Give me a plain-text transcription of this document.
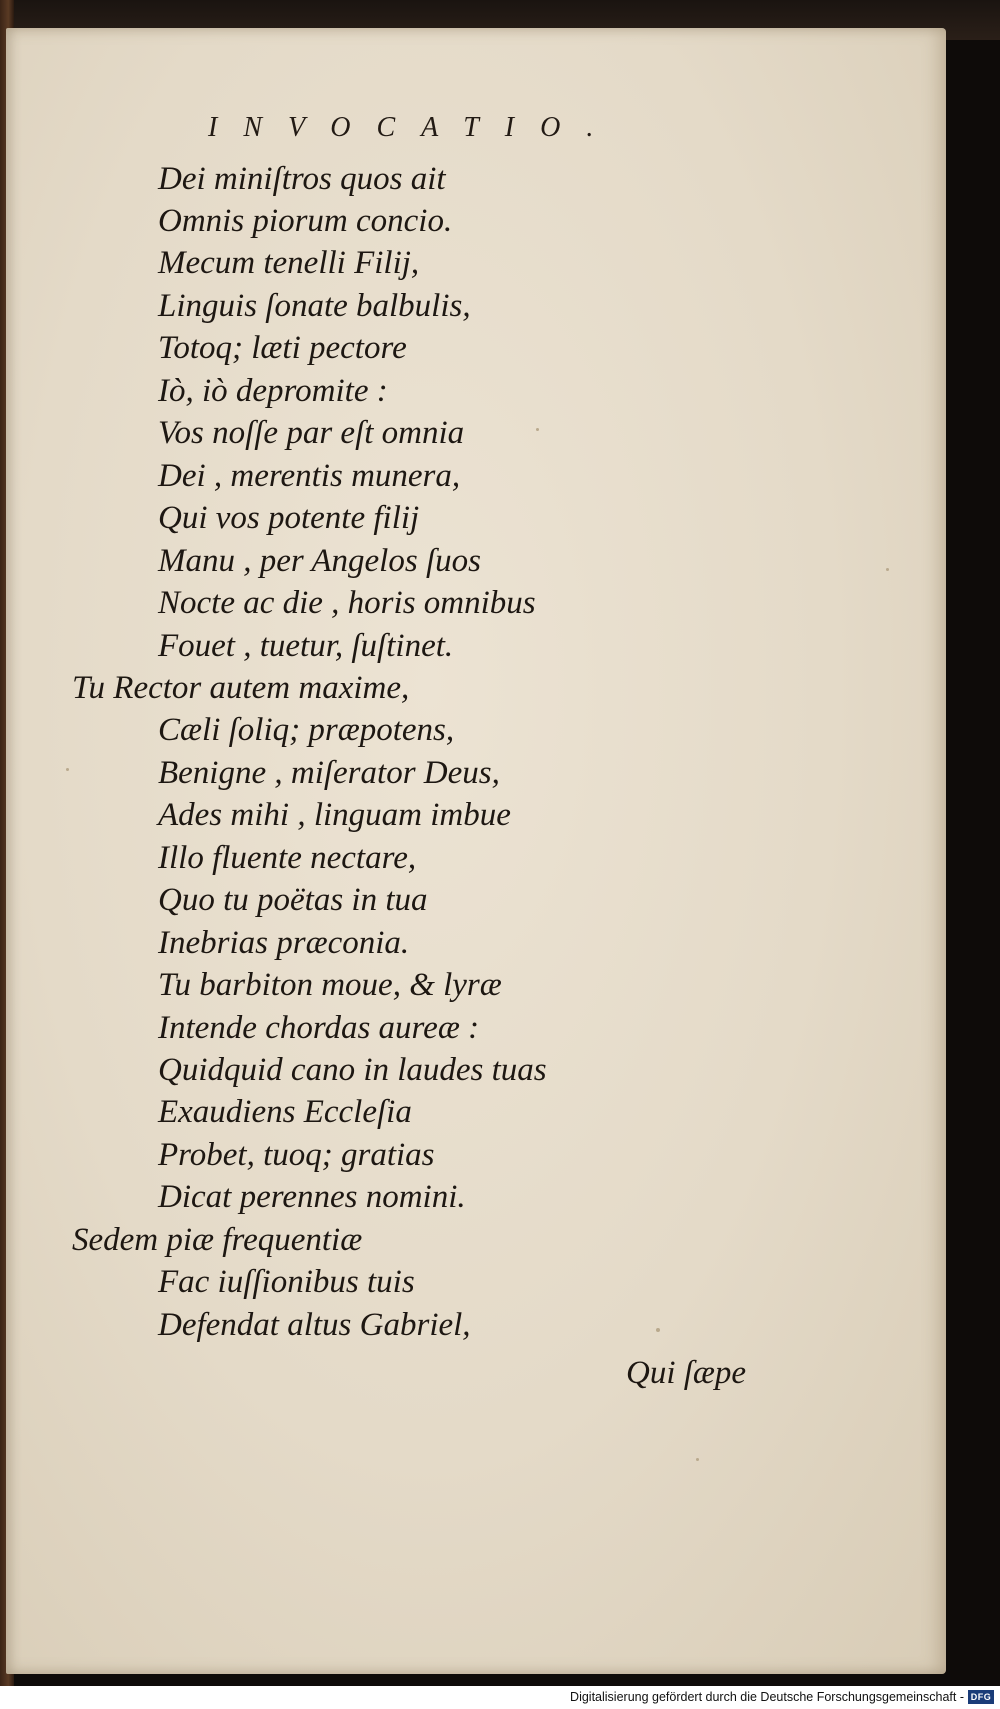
INVOCATIO.
Dei miniſtros quos ait
Omnis piorum concio.
Mecum tenelli Filij,
Linguis ſonate balbulis,
Totoq; læti pectore
Iò, iò depromite :
Vos noſſe par eſt omnia
Dei , merentis munera,
Qui vos potente filij
Manu , per Angelos ſuos
Nocte ac die , horis omnibus
Fouet , tuetur, ſuſtinet.
Tu Rector autem maxime,
Cæli ſoliq; præpotens,
Benigne , miſerator Deus,
Ades mihi , linguam imbue
Illo fluente nectare,
Quo tu poëtas in tua
Inebrias præconia.
Tu barbiton moue, & lyræ
Intende chordas aureæ :
Quidquid cano in laudes tuas
Exaudiens Eccleſia
Probet, tuoq; gratias
Dicat perennes nomini.
Sedem piæ frequentiæ
Fac iuſſionibus tuis
Defendat altus Gabriel,
Qui ſæpe
Digitalisierung gefördert durch die Deutsche Forschungsgemeinschaft - DFG
